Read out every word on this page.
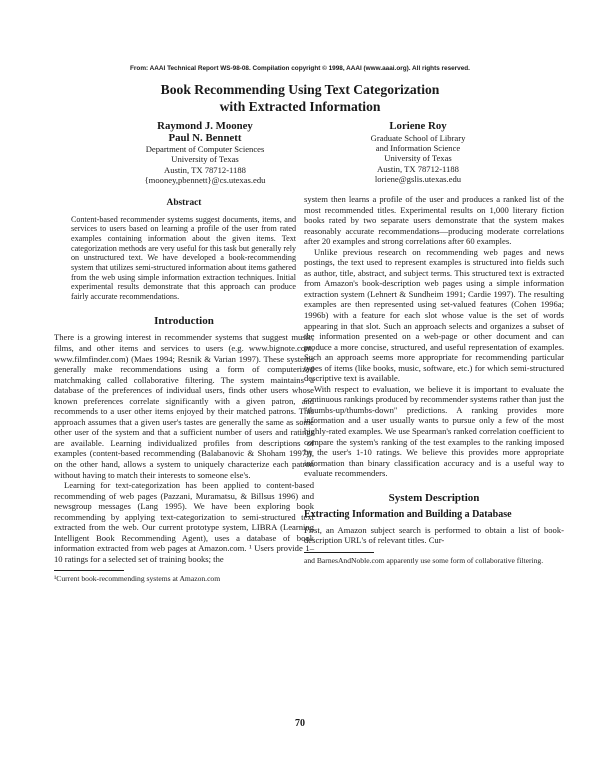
From: AAAI Technical Report WS-98-08. Compilation copyright © 1998, AAAI (www.aaai.org). All rights reserved.
Book Recommending Using Text Categorization
with Extracted Information
Raymond J. Mooney
Paul N. Bennett
Department of Computer Sciences
University of Texas
Austin, TX 78712-1188
{mooney,pbennett}@cs.utexas.edu
Loriene Roy
Graduate School of Library
and Information Science
University of Texas
Austin, TX 78712-1188
loriene@gslis.utexas.edu
Abstract

Content-based recommender systems suggest documents, items, and services to users based on learning a profile of the user from rated examples containing information about the given items. Text categorization methods are very useful for this task but generally rely on unstructured text. We have developed a book-recommending system that utilizes semi-structured information about items gathered from the web using simple information extraction techniques. Initial experimental results demonstrate that this approach can produce fairly accurate recommendations.

Introduction

There is a growing interest in recommender systems that suggest music, films, and other items and services to users (e.g. www.bignote.com, www.filmfinder.com) (Maes 1994; Resnik & Varian 1997). These systems generally make recommendations using a form of computerized matchmaking called collaborative filtering. The system maintains a database of the preferences of individual users, finds other users whose known preferences correlate significantly with a given patron, and recommends to a user other items enjoyed by their matched patrons. This approach assumes that a given user's tastes are generally the same as some other user of the system and that a sufficient number of users and ratings are available. Learning individualized profiles from descriptions of examples (content-based recommending (Balabanovic & Shoham 1997)), on the other hand, allows a system to uniquely characterize each patron without having to match their interests to someone else's.

Learning for text-categorization has been applied to content-based recommending of web pages (Pazzani, Muramatsu, & Billsus 1996) and newsgroup messages (Lang 1995). We have been exploring book recommending by applying text-categorization to semi-structured text extracted from the web. Our current prototype system, LIBRA (Learning Intelligent Book Recommending Agent), uses a database of book information extracted from web pages at Amazon.com. ¹ Users provide 1–10 ratings for a selected set of training books; the

¹Current book-recommending systems at Amazon.com

system then learns a profile of the user and produces a ranked list of the most recommended titles. Experimental results on 1,000 literary fiction books rated by two separate users demonstrate that the system makes reasonably accurate recommendations—producing moderate correlations after 20 examples and strong correlations after 60 examples.

Unlike previous research on recommending web pages and news postings, the text used to represent examples is structured into fields such as author, title, abstract, and subject terms. This structured text is extracted from Amazon's book-description web pages using a simple information extraction system (Lehnert & Sundheim 1991; Cardie 1997). The resulting examples are then represented using set-valued features (Cohen 1996a; 1996b) with a feature for each slot whose value is the set of words appearing in that slot. Such an approach selects and organizes a subset of the information presented on a web-page or other document and can produce a more concise, structured, and useful representation of examples. Such an approach seems more appropriate for recommending particular types of items (like books, music, software, etc.) for which semi-structured descriptive text is available.

With respect to evaluation, we believe it is important to evaluate the continuous rankings produced by recommender systems rather than just the "thumbs-up/thumbs-down" predictions. A ranking provides more information and a user usually wants to pursue only a few of the most highly-rated examples. We use Spearman's ranked correlation coefficient to compare the system's ranking of the test examples to the ranking imposed by the user's 1-10 ratings. We believe this provides more appropriate information than binary classification accuracy and is a useful way to evaluate recommenders.

System Description
Extracting Information and Building a Database

First, an Amazon subject search is performed to obtain a list of book-description URL's of relevant titles. Cur-

and BarnesAndNoble.com apparently use some form of collaborative filtering.

70
